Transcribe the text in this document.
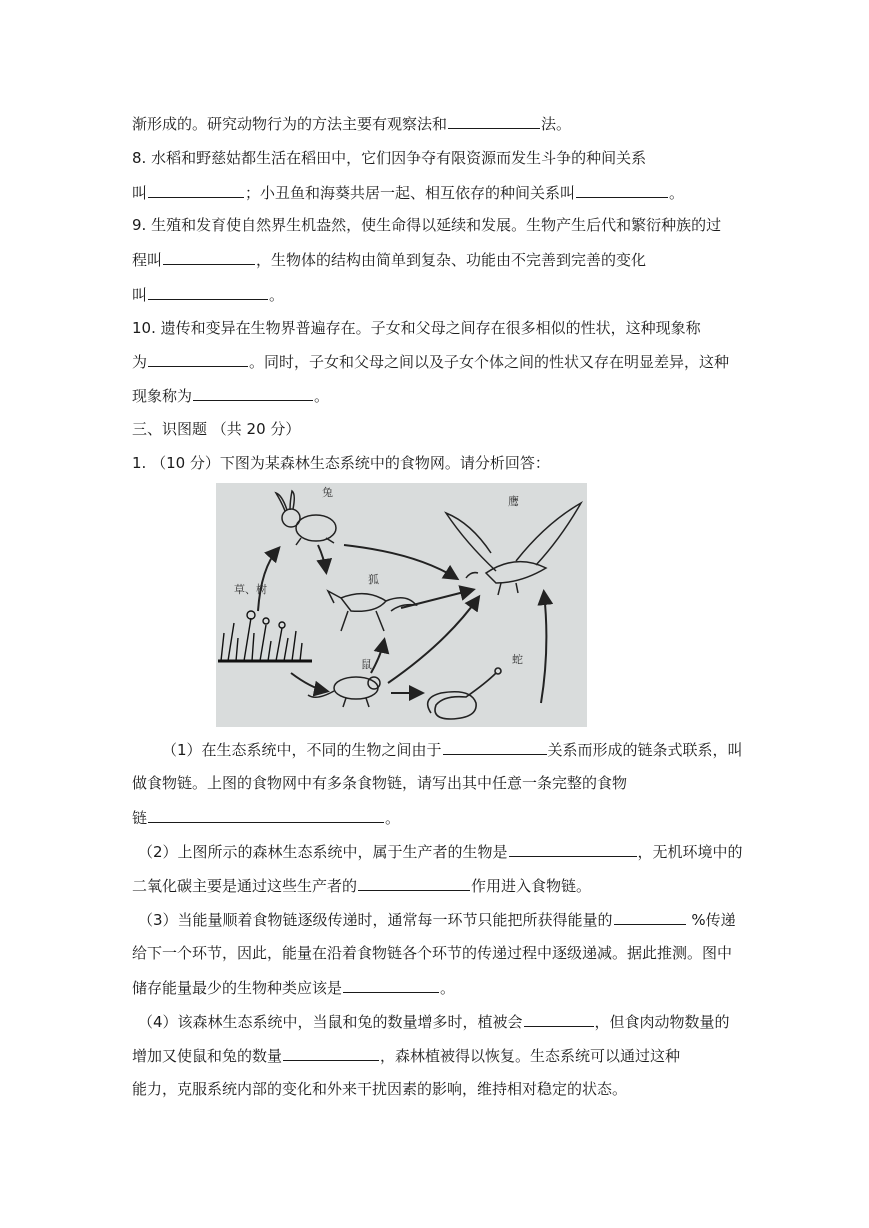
渐形成的。研究动物行为的方法主要有观察法和	法。
8. 水稻和野慈姑都生活在稻田中，它们因争夺有限资源而发生斗争的种间关系
叫	；小丑鱼和海葵共居一起、相互依存的种间关系叫	。
9. 生殖和发育使自然界生机盎然，使生命得以延续和发展。生物产生后代和繁衍种族的过
程叫	，生物体的结构由简单到复杂、功能由不完善到完善的变化
叫	。
10. 遗传和变异在生物界普遍存在。子女和父母之间存在很多相似的性状，这种现象称
为	。同时，子女和父母之间以及子女个体之间的性状又存在明显差异，这种
现象称为	。
三、识图题 （共 20 分）
1. （10 分）下图为某森林生态系统中的食物网。请分析回答：
兔
鹰
狐
草、树
鼠	蛇
（1）在生态系统中，不同的生物之间由于	关系而形成的链条式联系，叫
做食物链。上图的食物网中有多条食物链，请写出其中任意一条完整的食物
链	。
（2）上图所示的森林生态系统中，属于生产者的生物是	，无机环境中的
二氧化碳主要是通过这些生产者的	作用进入食物链。
（3）当能量顺着食物链逐级传递时，通常每一环节只能把所获得能量的	%传递
给下一个环节，因此，能量在沿着食物链各个环节的传递过程中逐级递减。据此推测。图中
储存能量最少的生物种类应该是	。
（4）该森林生态系统中，当鼠和兔的数量增多时，植被会	，但食肉动物数量的
增加又使鼠和兔的数量	，森林植被得以恢复。生态系统可以通过这种
能力，克服系统内部的变化和外来干扰因素的影响，维持相对稳定的状态。
